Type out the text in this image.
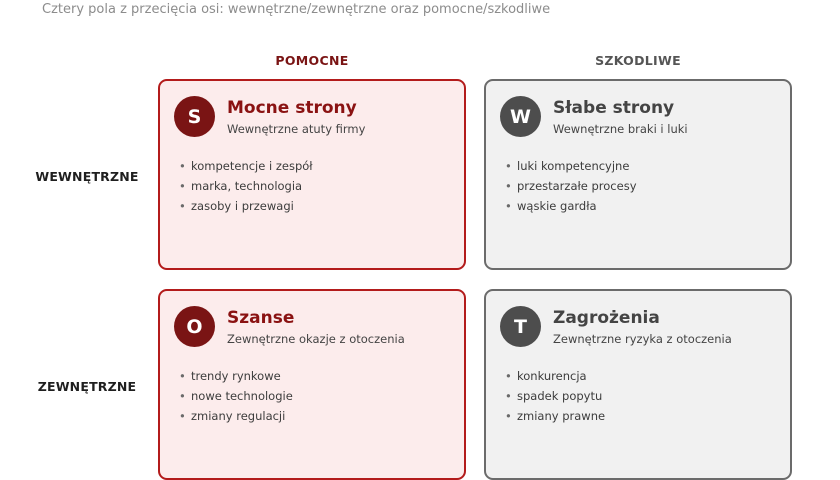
Cztery pola z przecięcia osi: wewnętrzne/zewnętrzne oraz pomocne/szkodliwe
POMOCNE	SZKODLIWE
WEWNĘTRZNE
ZEWNĘTRZNE
S	Mocne strony
Wewnętrzne atuty firmy
• kompetencje i zespół
• marka, technologia
• zasoby i przewagi
W	Słabe strony
Wewnętrzne braki i luki
• luki kompetencyjne
• przestarzałe procesy
• wąskie gardła
O	Szanse
Zewnętrzne okazje z otoczenia
• trendy rynkowe
• nowe technologie
• zmiany regulacji
T	Zagrożenia
Zewnętrzne ryzyka z otoczenia
• konkurencja
• spadek popytu
• zmiany prawne
